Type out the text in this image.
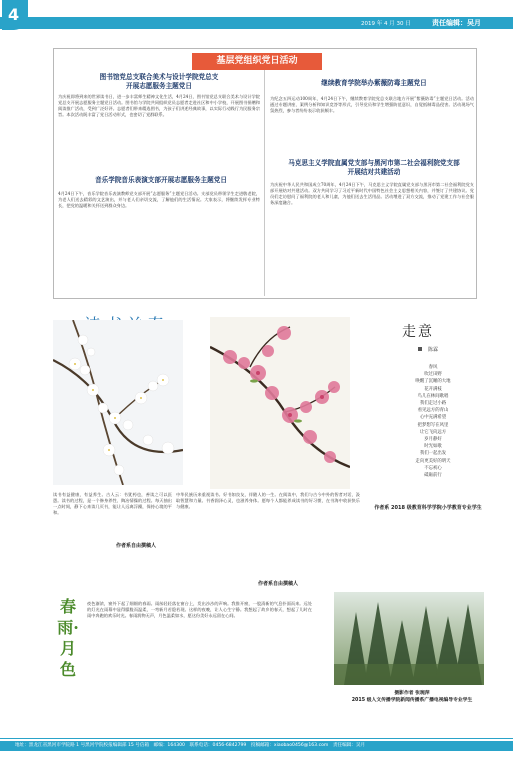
4	2019 年 4 月 30 日	责任编辑：吴月
基层党组织党日活动
图书馆党总支联合美术与设计学院党总支
开展志愿服务主题党日
为庆祝即将到来的世界读书日，进一步丰富师生精神文化生活，4月24日，图书馆党总支联合美术与设计学院党总支开展志愿服务主题党日活动。图书馆与学院共同组织党员志愿者走进社区和中小学校，开展图书捐赠和阅读推广活动，受到广泛好评。志愿者们带来精选图书，为孩子们讲述经典故事，以实际行动践行为民服务宗旨。本次活动既丰富了党日活动形式，也密切了党群联系。
音乐学院音乐表演支部开展志愿服务主题党日
4月24日下午，音乐学院音乐表演教师党支部开展“志愿服务”主题党日活动。支部党员带领学生走进敬老院，为老人们送去精彩的文艺演出，并与老人们亲切交流，了解他们的生活情况。大家表示，将继续发挥专业特长，把党的温暖和关怀送到群众身边。
继续教育学院举办紫薇防毒主题党日
为纪念五四运动100周年，4月24日下午，继续教育学院党总支联合地方开展“紫薇防毒”主题党日活动。活动通过专题讲座、案例分析和知识竞答等形式，引导党员和学生增强防范意识，自觉抵制毒品侵害。活动现场气氛热烈，参与者纷纷表示收获颇丰。
马克思主义学院直属党支部与黑河市第二社会福利院党支部
开展结对共建活动
为庆祝中华人民共和国成立70周年，4月24日下午，马克思主义学院直属党支部与黑河市第二社会福利院党支部开展结对共建活动。双方共同学习了习近平新时代中国特色社会主义思想相关内容，并签订了共建协议。党员们走访慰问了福利院的老人和儿童，为他们送去生活用品。活动增进了双方交流，推动了党建工作与社会服务深度融合。
作者系自由撰稿人
作者系自由撰稿人
读书有益健康，有益养生。古人云：书犹药也，善读之可以医愚。读书的过程，是一个修身养性、陶冶情操的过程。每天抽出一点时间，静下心来读几页书，能让人远离浮躁，保持心境的平和。
中华民族历来重视读书。好书如良友，伴随人的一生。在阅读中，我们与古今中外的智者对话，汲取智慧和力量。书香润泽心灵，也滋养身体。愿每个人都能养成读书的好习惯，在书海中收获快乐与健康。
走意
陈霖
春风
吹过田野
唤醒了沉睡的大地
花开满枝
鸟儿在林间歌唱
我们走过小路
看见远方的青山
心中充满希望
把梦想写在风里
让它飞向远方
岁月静好
时光如歌
我们一起出发
走向更美好的明天
不忘初心
砥砺前行
作者系 2018 级教育科学学院小学教育专业学生
春雨·月色
夜色渐浓，窗外下起了细细的春雨。雨丝轻轻落在窗台上，发出沙沙的声响。我推开窗，一股清新的气息扑面而来。远处的灯光在雨幕中显得朦胧而温柔，一弯新月若隐若现。这样的夜晚，让人心生宁静。我想起了故乡的春天，想起了儿时在雨中奔跑的欢乐时光。春雨润物无声，月色温柔如水，愿这份美好永远留在心间。
摄影作者 张琬萍
2015 级人文传播学院新闻传播系广播电视编导专业学生
地址：黑龙江省黑河市学院路 1 号黑河学院校报编辑部 15 号信箱　邮编：164300　联系电话：0456-6842799　投稿邮箱：xiaobao0456@163.com　责任编辑：吴月
